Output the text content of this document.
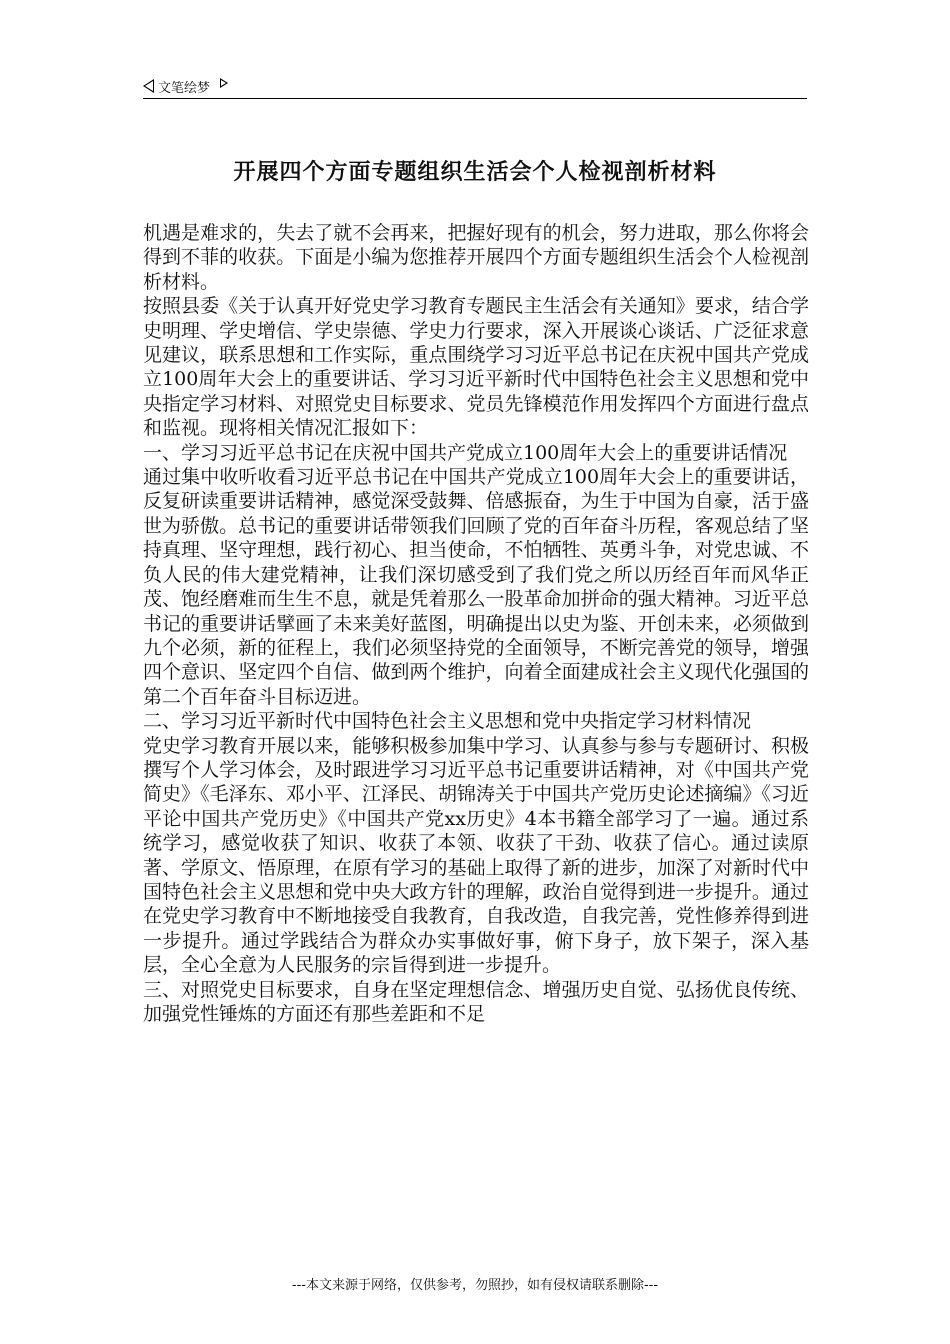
文笔绘梦
开展四个方面专题组织生活会个人检视剖析材料

机遇是难求的，失去了就不会再来，把握好现有的机会，努力进取，那么你将会得到不菲的收获。下面是小编为您推荐开展四个方面专题组织生活会个人检视剖析材料。

按照县委《关于认真开好党史学习教育专题民主生活会有关通知》要求，结合学史明理、学史增信、学史崇德、学史力行要求，深入开展谈心谈话、广泛征求意见建议，联系思想和工作实际，重点围绕学习习近平总书记在庆祝中国共产党成立100周年大会上的重要讲话、学习习近平新时代中国特色社会主义思想和党中央指定学习材料、对照党史目标要求、党员先锋模范作用发挥四个方面进行盘点和监视。现将相关情况汇报如下：

一、学习习近平总书记在庆祝中国共产党成立100周年大会上的重要讲话情况

通过集中收听收看习近平总书记在中国共产党成立100周年大会上的重要讲话，反复研读重要讲话精神，感觉深受鼓舞、倍感振奋，为生于中国为自豪，活于盛世为骄傲。总书记的重要讲话带领我们回顾了党的百年奋斗历程，客观总结了坚持真理、坚守理想，践行初心、担当使命，不怕牺牲、英勇斗争，对党忠诚、不负人民的伟大建党精神，让我们深切感受到了我们党之所以历经百年而风华正茂、饱经磨难而生生不息，就是凭着那么一股革命加拼命的强大精神。习近平总书记的重要讲话擘画了未来美好蓝图，明确提出以史为鉴、开创未来，必须做到九个必须，新的征程上，我们必须坚持党的全面领导，不断完善党的领导，增强四个意识、坚定四个自信、做到两个维护，向着全面建成社会主义现代化强国的第二个百年奋斗目标迈进。

二、学习习近平新时代中国特色社会主义思想和党中央指定学习材料情况

党史学习教育开展以来，能够积极参加集中学习、认真参与参与专题研讨、积极撰写个人学习体会，及时跟进学习习近平总书记重要讲话精神，对《中国共产党简史》《毛泽东、邓小平、江泽民、胡锦涛关于中国共产党历史论述摘编》《习近平论中国共产党历史》《中国共产党xx历史》4本书籍全部学习了一遍。通过系统学习，感觉收获了知识、收获了本领、收获了干劲、收获了信心。通过读原著、学原文、悟原理，在原有学习的基础上取得了新的进步，加深了对新时代中国特色社会主义思想和党中央大政方针的理解，政治自觉得到进一步提升。通过在党史学习教育中不断地接受自我教育，自我改造，自我完善，党性修养得到进一步提升。通过学践结合为群众办实事做好事，俯下身子，放下架子，深入基层，全心全意为人民服务的宗旨得到进一步提升。

三、对照党史目标要求，自身在坚定理想信念、增强历史自觉、弘扬优良传统、加强党性锤炼的方面还有那些差距和不足

---本文来源于网络，仅供参考，勿照抄，如有侵权请联系删除---
